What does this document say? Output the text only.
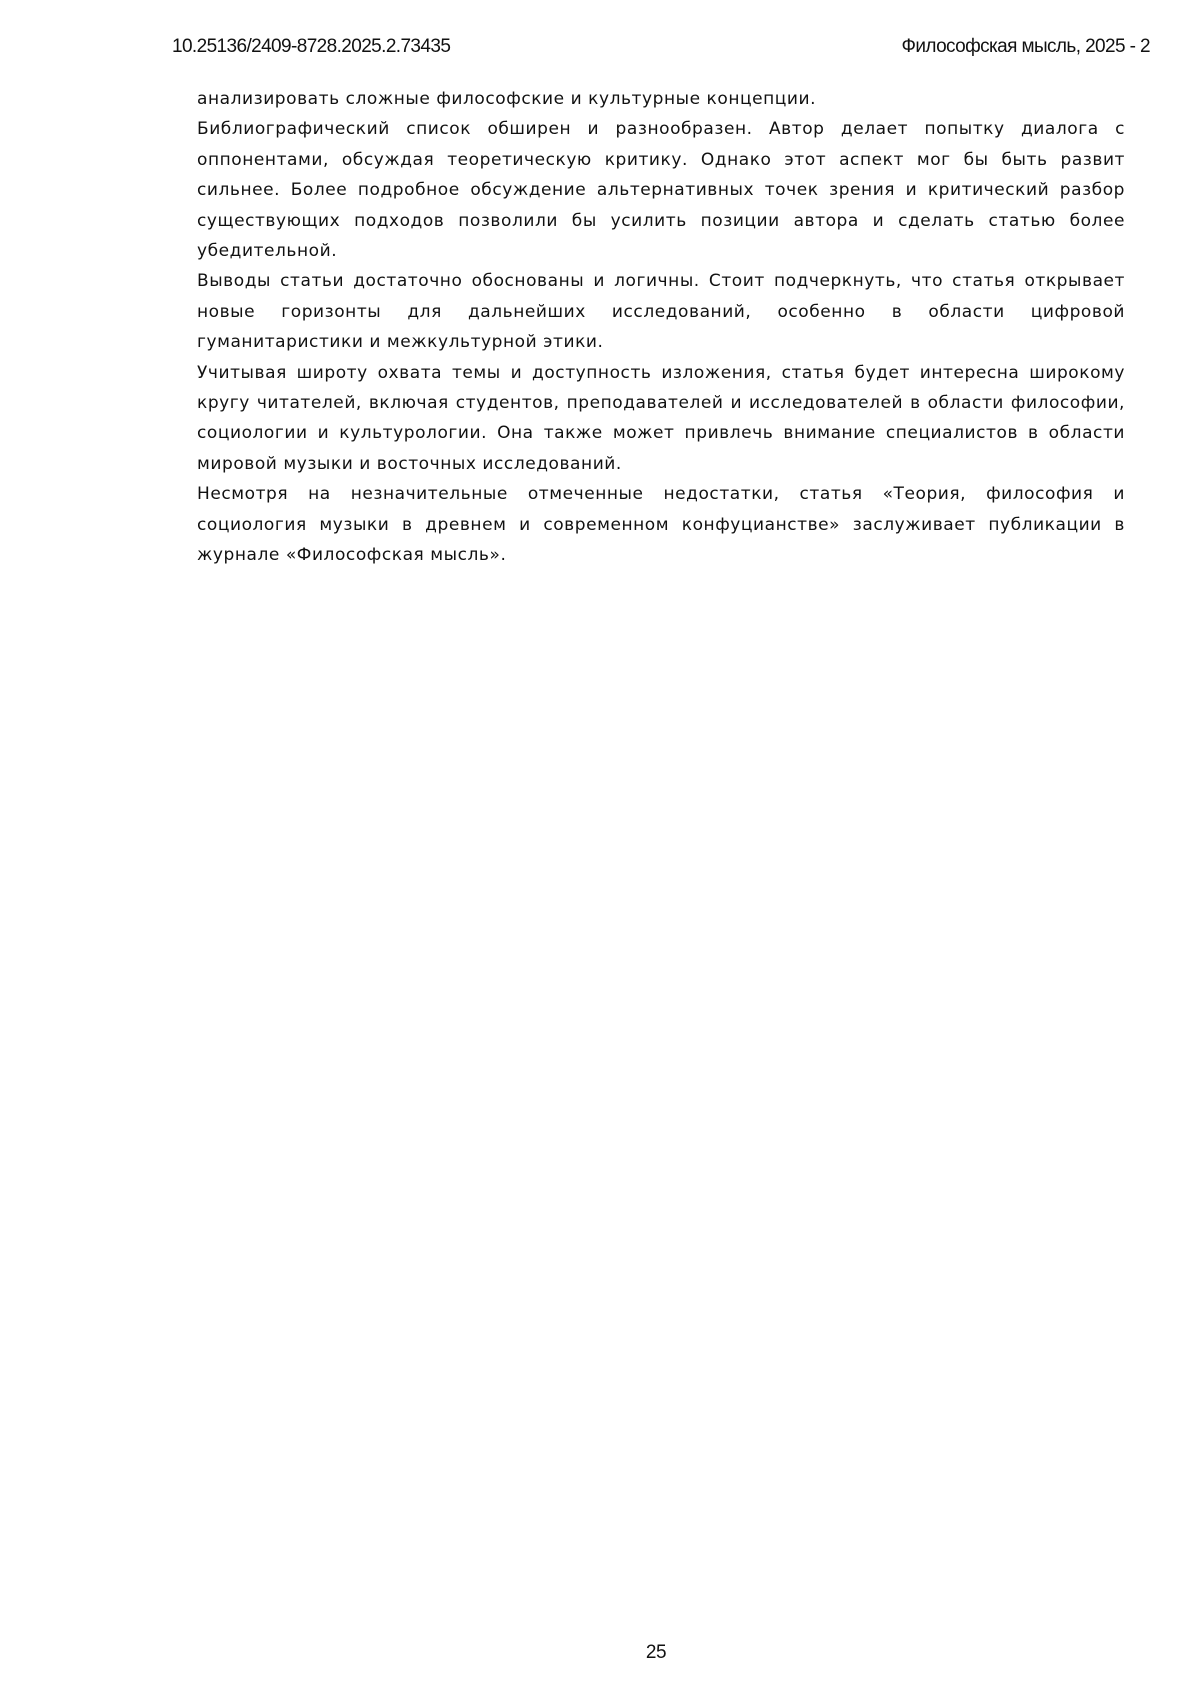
10.25136/2409-8728.2025.2.73435	Философская мысль, 2025 - 2

анализировать сложные философские и культурные концепции.

Библиографический список обширен и разнообразен. Автор делает попытку диалога с оппонентами, обсуждая теоретическую критику. Однако этот аспект мог бы быть развит сильнее. Более подробное обсуждение альтернативных точек зрения и критический разбор существующих подходов позволили бы усилить позиции автора и сделать статью более убедительной.

Выводы статьи достаточно обоснованы и логичны. Стоит подчеркнуть, что статья открывает новые горизонты для дальнейших исследований, особенно в области цифровой гуманитаристики и межкультурной этики.

Учитывая широту охвата темы и доступность изложения, статья будет интересна широкому кругу читателей, включая студентов, преподавателей и исследователей в области философии, социологии и культурологии. Она также может привлечь внимание специалистов в области мировой музыки и восточных исследований.

Несмотря на незначительные отмеченные недостатки, статья «Теория, философия и социология музыки в древнем и современном конфуцианстве» заслуживает публикации в журнале «Философская мысль».

25
